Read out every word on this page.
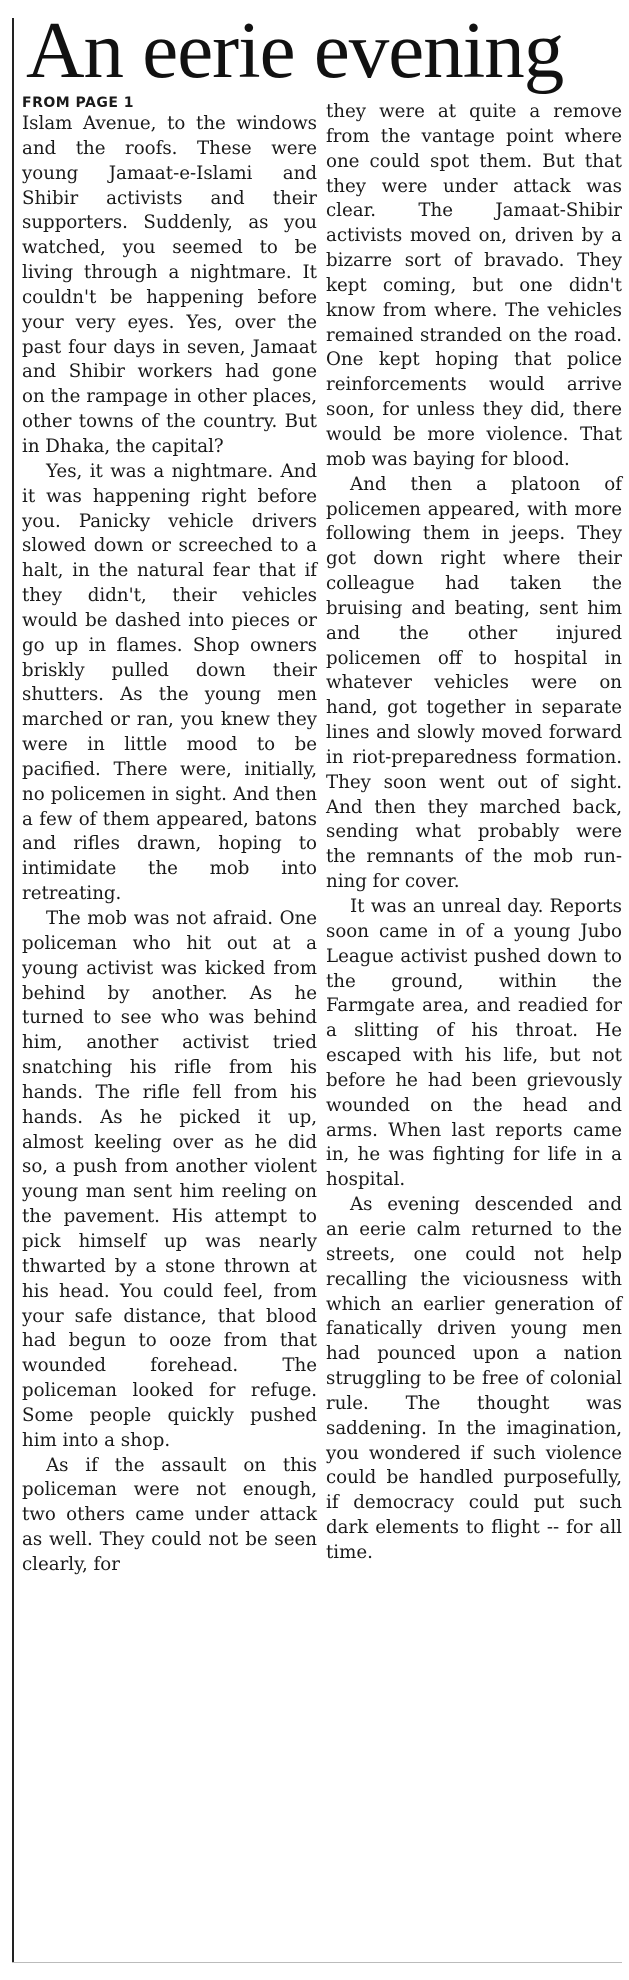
An eerie evening
FROM PAGE 1

Islam Avenue, to the windows and the roofs. These were young Jamaat-e-Islami and Shibir activists and their supporters. Suddenly, as you watched, you seemed to be living through a nightmare. It couldn't be happening before your very eyes. Yes, over the past four days in seven, Jamaat and Shibir workers had gone on the rampage in other places, other towns of the country. But in Dhaka, the capital?

Yes, it was a nightmare. And it was happening right before you. Panicky vehicle drivers slowed down or screeched to a halt, in the natural fear that if they didn't, their vehicles would be dashed into pieces or go up in flames. Shop owners briskly pulled down their shutters. As the young men marched or ran, you knew they were in little mood to be pacified. There were, initially, no policemen in sight. And then a few of them appeared, batons and rifles drawn, hoping to intimidate the mob into retreating.

The mob was not afraid. One policeman who hit out at a young activist was kicked from behind by another. As he turned to see who was behind him, another activist tried snatching his rifle from his hands. The rifle fell from his hands. As he picked it up, almost keeling over as he did so, a push from another violent young man sent him reeling on the pavement. His attempt to pick himself up was nearly thwarted by a stone thrown at his head. You could feel, from your safe distance, that blood had begun to ooze from that wounded forehead. The policeman looked for refuge. Some people quickly pushed him into a shop.

As if the assault on this policeman were not enough, two others came under attack as well. They could not be seen clearly, for

they were at quite a remove from the vantage point where one could spot them. But that they were under attack was clear. The Jamaat-Shibir activists moved on, driven by a bizarre sort of bravado. They kept coming, but one didn't know from where. The vehicles remained stranded on the road. One kept hoping that police reinforcements would arrive soon, for unless they did, there would be more violence. That mob was baying for blood.

And then a platoon of policemen appeared, with more following them in jeeps. They got down right where their colleague had taken the bruising and beating, sent him and the other injured policemen off to hospital in whatever vehicles were on hand, got together in separate lines and slowly moved forward in riot-preparedness formation. They soon went out of sight. And then they marched back, sending what probably were the remnants of the mob running for cover.

It was an unreal day. Reports soon came in of a young Jubo League activist pushed down to the ground, within the Farmgate area, and readied for a slitting of his throat. He escaped with his life, but not before he had been grievously wounded on the head and arms. When last reports came in, he was fighting for life in a hospital.

As evening descended and an eerie calm returned to the streets, one could not help recalling the viciousness with which an earlier generation of fanatically driven young men had pounced upon a nation struggling to be free of colonial rule. The thought was saddening. In the imagination, you wondered if such violence could be handled purposefully, if democracy could put such dark elements to flight -- for all time.
